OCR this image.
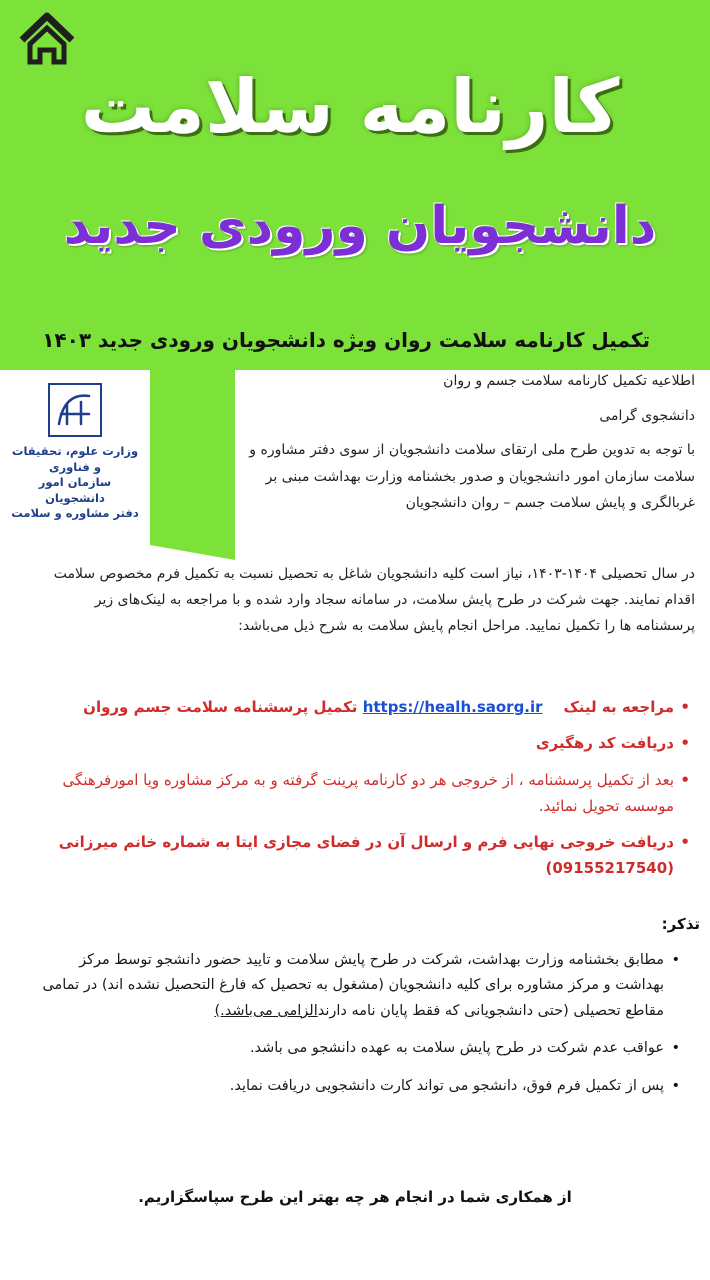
کارنامه سلامت
دانشجویان ورودی جدید
تکمیل کارنامه سلامت روان ویژه دانشجویان ورودی جدید ۱۴۰۳
وزارت علوم، تحقیقات و فناوری
سازمان امور دانشجویان
دفتر مشاوره و سلامت

اطلاعیه تکمیل کارنامه سلامت جسم و روان

دانشجوی گرامی

با توجه به تدوین طرح ملی ارتقای سلامت دانشجویان از سوی دفتر مشاوره و سلامت سازمان امور دانشجویان و صدور بخشنامه وزارت بهداشت مبنی بر غربالگری و پایش سلامت جسم – روان دانشجویان

در سال تحصیلی ۱۴۰۴-۱۴۰۳، نیاز است کلیه دانشجویان شاغل به تحصیل نسبت به تکمیل فرم مخصوص سلامت اقدام نمایند. جهت شرکت در طرح پایش سلامت، در سامانه سجاد وارد شده و با مراجعه به لینک‌های زیر پرسشنامه ها را تکمیل نمایید. مراحل انجام پایش سلامت به شرح ذیل می‌باشد:
• مراجعه به لینک    https://healh.saorg.ir تکمیل پرسشنامه سلامت جسم وروان
• دریافت کد رهگیری
• بعد از تکمیل پرسشنامه ، از خروجی هر دو کارنامه پرینت گرفته و به مرکز مشاوره ویا امورفرهنگی موسسه تحویل نمائید.
• دریافت خروجی نهایی فرم و ارسال آن در فضای مجازی ایتا به شماره خانم میرزانی (09155217540)
تذکر:
• مطابق بخشنامه وزارت بهداشت، شرکت در طرح پایش سلامت و تایید حضور دانشجو توسط مرکز بهداشت و مرکز مشاوره برای کلیه دانشجویان (مشغول به تحصیل که فارغ التحصیل نشده اند) در تمامی مقاطع تحصیلی (حتی دانشجویانی که فقط پایان نامه دارندالزامی می‌باشد.)
• عواقب عدم شرکت در طرح پایش سلامت به عهده دانشجو می باشد.
• پس از تکمیل فرم فوق، دانشجو می تواند کارت دانشجویی دریافت نماید.
از همکاری شما در انجام هر چه بهتر این طرح سپاسگزاریم.
